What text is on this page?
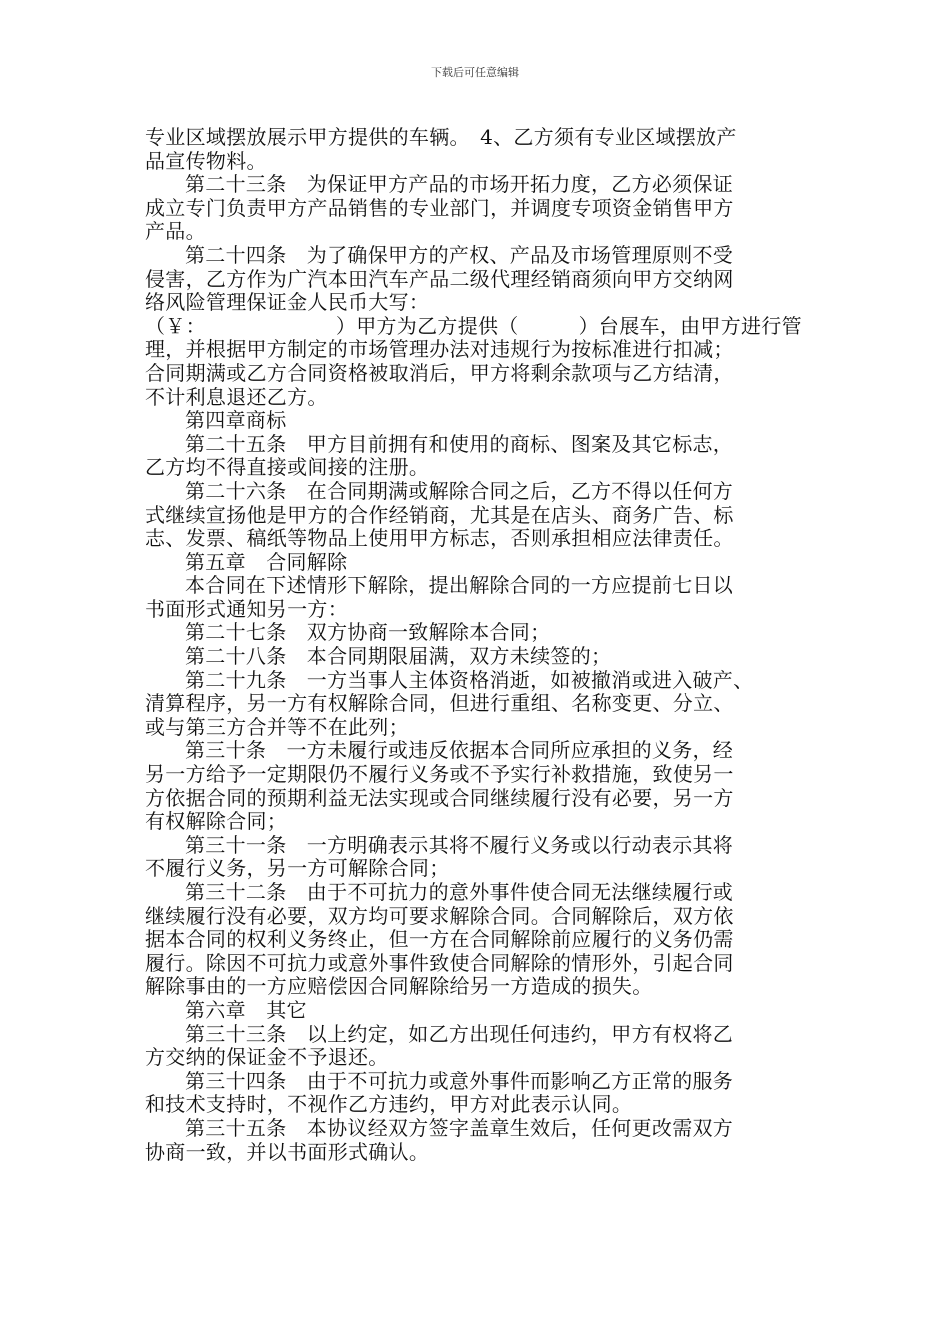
下载后可任意编辑
专业区域摆放展示甲方提供的车辆。　4、乙方须有专业区域摆放产
品宣传物料。
第二十三条　为保证甲方产品的市场开拓力度，乙方必须保证
成立专门负责甲方产品销售的专业部门，并调度专项资金销售甲方
产品。
第二十四条　为了确保甲方的产权、产品及市场管理原则不受
侵害，乙方作为广汽本田汽车产品二级代理经销商须向甲方交纳网
络风险管理保证金人民币大写：
（￥：	）甲方为乙方提供（	）台展车，由甲方进行管
理，并根据甲方制定的市场管理办法对违规行为按标准进行扣减；
合同期满或乙方合同资格被取消后，甲方将剩余款项与乙方结清，
不计利息退还乙方。
第四章商标
第二十五条　甲方目前拥有和使用的商标、图案及其它标志，
乙方均不得直接或间接的注册。
第二十六条　在合同期满或解除合同之后，乙方不得以任何方
式继续宣扬他是甲方的合作经销商，尤其是在店头、商务广告、标
志、发票、稿纸等物品上使用甲方标志，否则承担相应法律责任。
第五章　合同解除
本合同在下述情形下解除，提出解除合同的一方应提前七日以
书面形式通知另一方：
第二十七条　双方协商一致解除本合同；
第二十八条　本合同期限届满，双方未续签的；
第二十九条　一方当事人主体资格消逝，如被撤消或进入破产、
清算程序，另一方有权解除合同，但进行重组、名称变更、分立、
或与第三方合并等不在此列；
第三十条　一方未履行或违反依据本合同所应承担的义务，经
另一方给予一定期限仍不履行义务或不予实行补救措施，致使另一
方依据合同的预期利益无法实现或合同继续履行没有必要，另一方
有权解除合同；
第三十一条　一方明确表示其将不履行义务或以行动表示其将
不履行义务，另一方可解除合同；
第三十二条　由于不可抗力的意外事件使合同无法继续履行或
继续履行没有必要，双方均可要求解除合同。合同解除后，双方依
据本合同的权利义务终止，但一方在合同解除前应履行的义务仍需
履行。除因不可抗力或意外事件致使合同解除的情形外，引起合同
解除事由的一方应赔偿因合同解除给另一方造成的损失。
第六章　其它
第三十三条　以上约定，如乙方出现任何违约，甲方有权将乙
方交纳的保证金不予退还。
第三十四条　由于不可抗力或意外事件而影响乙方正常的服务
和技术支持时，不视作乙方违约，甲方对此表示认同。
第三十五条　本协议经双方签字盖章生效后，任何更改需双方
协商一致，并以书面形式确认。
